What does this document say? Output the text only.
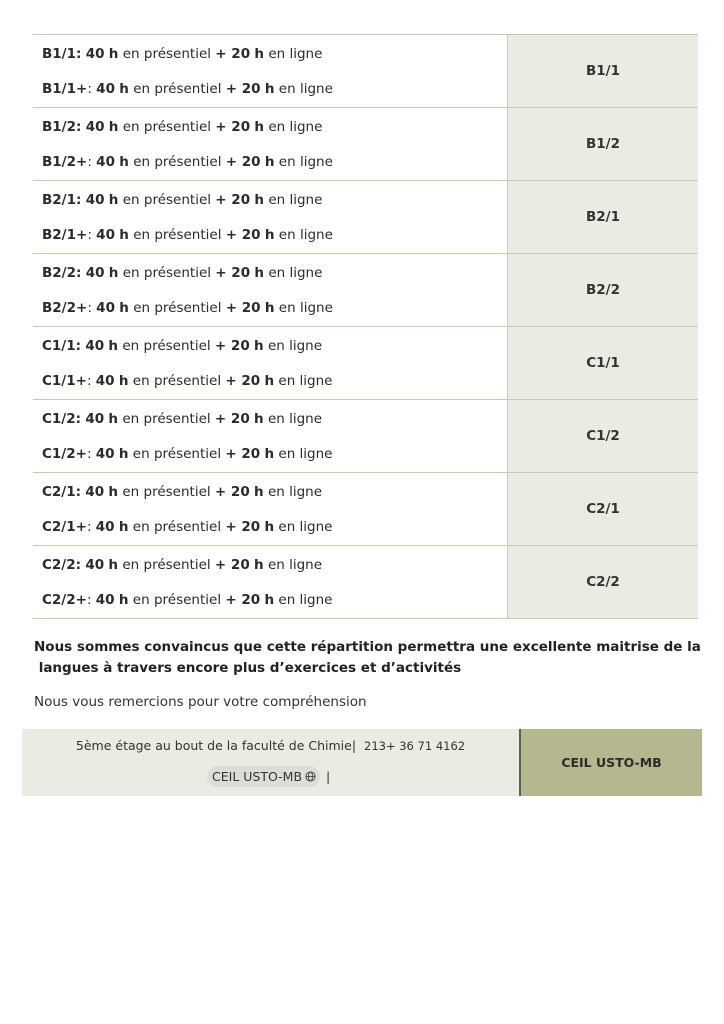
B1/1: 40 h en présentiel + 20 h en ligne
B1/1+: 40 h en présentiel + 20 h en ligne	B1/1

B1/2: 40 h en présentiel + 20 h en ligne
B1/2+: 40 h en présentiel + 20 h en ligne	B1/2

B2/1: 40 h en présentiel + 20 h en ligne
B2/1+: 40 h en présentiel + 20 h en ligne	B2/1

B2/2: 40 h en présentiel + 20 h en ligne
B2/2+: 40 h en présentiel + 20 h en ligne	B2/2

C1/1: 40 h en présentiel + 20 h en ligne
C1/1+: 40 h en présentiel + 20 h en ligne	C1/1

C1/2: 40 h en présentiel + 20 h en ligne
C1/2+: 40 h en présentiel + 20 h en ligne	C1/2

C2/1: 40 h en présentiel + 20 h en ligne
C2/1+: 40 h en présentiel + 20 h en ligne	C2/1

C2/2: 40 h en présentiel + 20 h en ligne
C2/2+: 40 h en présentiel + 20 h en ligne	C2/2
Nous sommes convaincus que cette répartition permettra une excellente maitrise de la
langues à travers encore plus d’exercices et d’activités
Nous vous remercions pour votre compréhension
5ème étage au bout de la faculté de Chimie| 213+ 36 71 4162
CEIL USTO-MB |
CEIL USTO-MB
